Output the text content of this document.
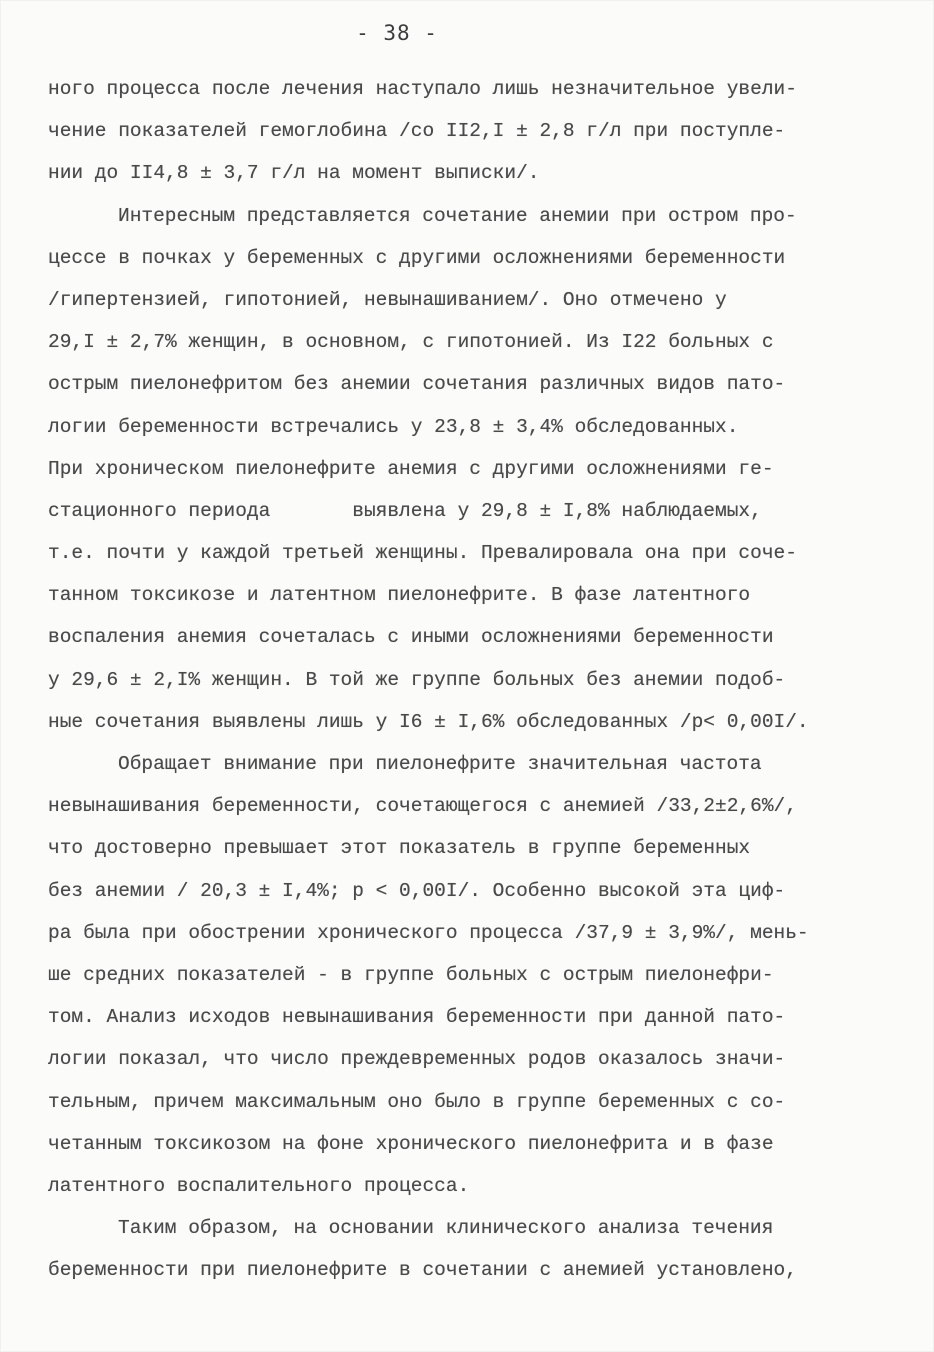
- 38 -
ного процесса после лечения наступало лишь незначительное увели-
чение показателей гемоглобина /со II2,I ± 2,8 г/л при поступле-
нии до II4,8 ± 3,7 г/л на момент выписки/.
Интересным представляется сочетание анемии при остром про-
цессе в почках у беременных с другими осложнениями беременности
/гипертензией, гипотонией, невынашиванием/. Оно отмечено у
29,I ± 2,7% женщин, в основном, с гипотонией. Из I22 больных с
острым пиелонефритом без анемии сочетания различных видов пато-
логии беременности встречались у 23,8 ± 3,4% обследованных.
При хроническом пиелонефрите анемия с другими осложнениями ге-
стационного периода       выявлена у 29,8 ± I,8% наблюдаемых,
т.е. почти у каждой третьей женщины. Превалировала она при соче-
танном токсикозе и латентном пиелонефрите. В фазе латентного
воспаления анемия сочеталась с иными осложнениями беременности
у 29,6 ± 2,I% женщин. В той же группе больных без анемии подоб-
ные сочетания выявлены лишь у I6 ± I,6% обследованных /р< 0,00I/.
Обращает внимание при пиелонефрите значительная частота
невынашивания беременности, сочетающегося с анемией /33,2±2,6%/,
что достоверно превышает этот показатель в группе беременных
без анемии / 20,3 ± I,4%; р < 0,00I/. Особенно высокой эта циф-
ра была при обострении хронического процесса /37,9 ± 3,9%/, мень-
ше средних показателей - в группе больных с острым пиелонефри-
том. Анализ исходов невынашивания беременности при данной пато-
логии показал, что число преждевременных родов оказалось значи-
тельным, причем максимальным оно было в группе беременных с со-
четанным токсикозом на фоне хронического пиелонефрита и в фазе
латентного воспалительного процесса.
Таким образом, на основании клинического анализа течения
беременности при пиелонефрите в сочетании с анемией установлено,
